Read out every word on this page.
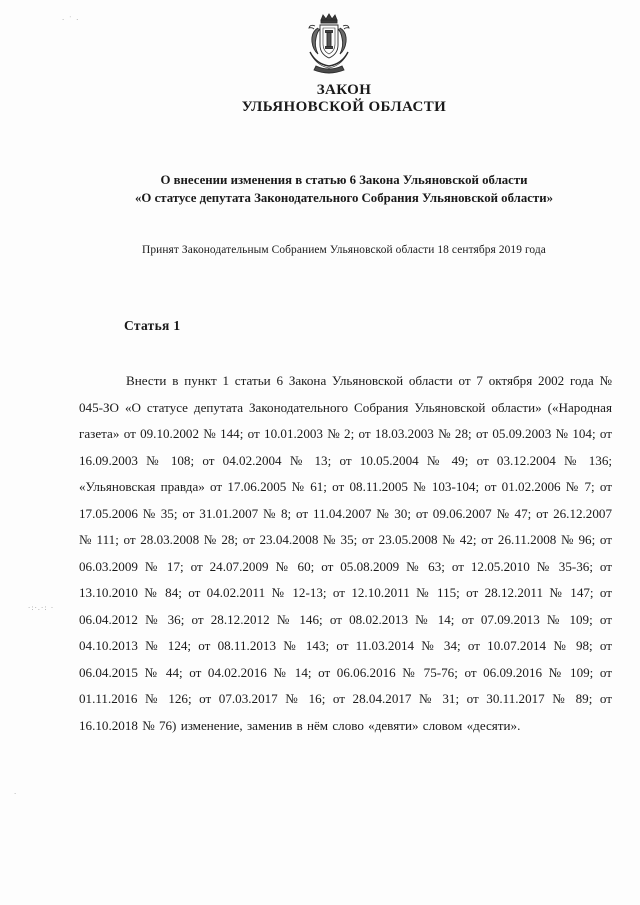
· ˙ ·
·:·.·: ·
·
ЗАКОН
УЛЬЯНОВСКОЙ ОБЛАСТИ
О внесении изменения в статью 6 Закона Ульяновской области
«О статусе депутата Законодательного Собрания Ульяновской области»
Принят Законодательным Собранием Ульяновской области 18 сентября 2019 года
Статья 1

Внести в пункт 1 статьи 6 Закона Ульяновской области от 7 октября 2002 года № 045-ЗО «О статусе депутата Законодательного Собрания Ульяновской области» («Народная газета» от 09.10.2002 № 144; от 10.01.2003 № 2; от 18.03.2003 № 28; от 05.09.2003 № 104; от 16.09.2003 № 108; от 04.02.2004 № 13; от 10.05.2004 № 49; от 03.12.2004 № 136; «Ульяновская правда» от 17.06.2005 № 61; от 08.11.2005 № 103-104; от 01.02.2006 № 7; от 17.05.2006 № 35; от 31.01.2007 № 8; от 11.04.2007 № 30; от 09.06.2007 № 47; от 26.12.2007 № 111; от 28.03.2008 № 28; от 23.04.2008 № 35; от 23.05.2008 № 42; от 26.11.2008 № 96; от 06.03.2009 № 17; от 24.07.2009 № 60; от 05.08.2009 № 63; от 12.05.2010 № 35-36; от 13.10.2010 № 84; от 04.02.2011 № 12-13; от 12.10.2011 № 115; от 28.12.2011 № 147; от 06.04.2012 № 36; от 28.12.2012 № 146; от 08.02.2013 № 14; от 07.09.2013 № 109; от 04.10.2013 № 124; от 08.11.2013 № 143; от 11.03.2014 № 34; от 10.07.2014 № 98; от 06.04.2015 № 44; от 04.02.2016 № 14; от 06.06.2016 № 75-76; от 06.09.2016 № 109; от 01.11.2016 № 126; от 07.03.2017 № 16; от 28.04.2017 № 31; от 30.11.2017 № 89; от 16.10.2018 № 76) изменение, заменив в нём слово «девяти» словом «десяти».
